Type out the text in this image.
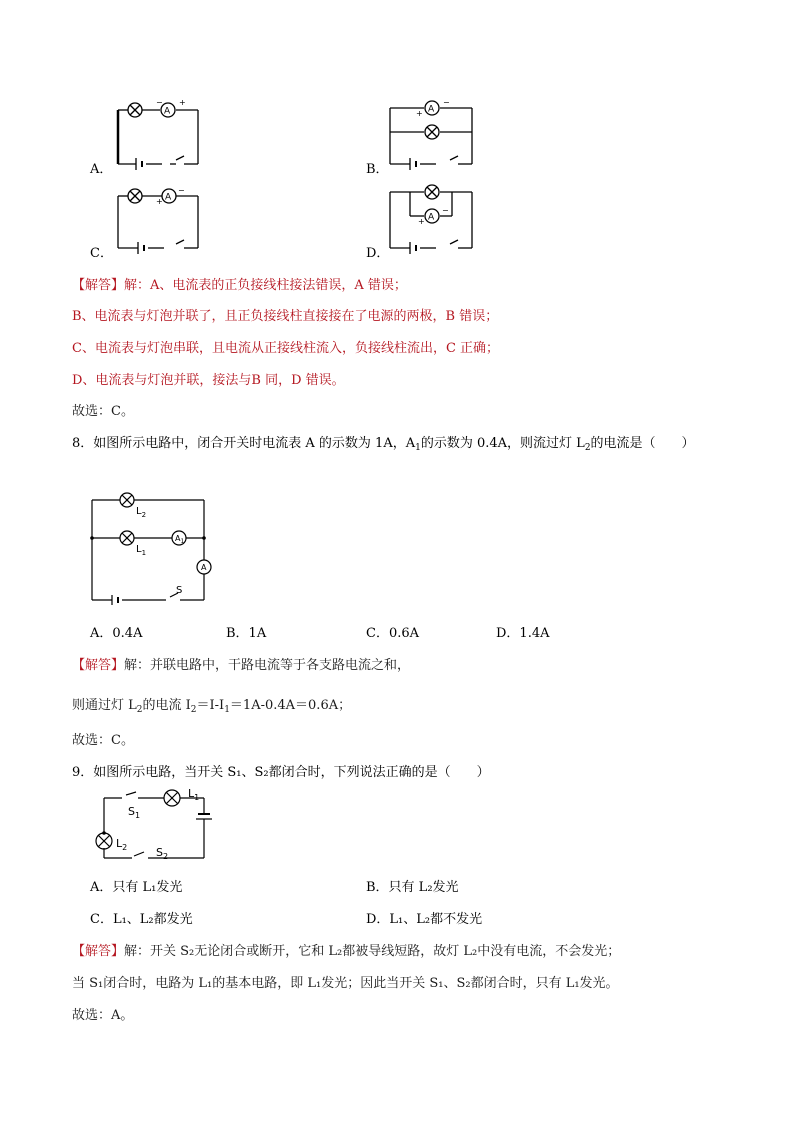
A．
A
− +
B．
A
+
−
C．
A
+
−
D．
A
+
−
【解答】解：A、电流表的正负接线柱接法错误，A 错误；
B、电流表与灯泡并联了，且正负接线柱直接接在了电源的两极，B 错误；
C、电流表与灯泡串联，且电流从正接线柱流入，负接线柱流出，C 正确；
D、电流表与灯泡并联，接法与B 同，D 错误。
故选：C。
8．如图所示电路中，闭合开关时电流表 A 的示数为 1A，$A_1$的示数为 0.4A，则流过灯 $L_2$的电流是（　　）
$L_2$
$L_1$
$A_1$
A
S
A．0.4A	B．1A	C．0.6A	D．1.4A
【解答】解：并联电路中，干路电流等于各支路电流之和，
则通过灯 $L_2$的电流 $I_2=I-I_1=1A-0.4A=0.6A$；
故选：C。
9．如图所示电路，当开关 S₁、S₂都闭合时，下列说法正确的是（　　）
$L_1$
$S_1$
$L_2$	$S_2$
A．只有 L₁发光	B．只有 L₂发光
C．L₁、L₂都发光	D．L₁、L₂都不发光
【解答】解：开关 S₂无论闭合或断开，它和 L₂都被导线短路，故灯 L₂中没有电流，不会发光；
当 S₁闭合时，电路为 L₁的基本电路，即 L₁发光；因此当开关 S₁、S₂都闭合时，只有 L₁发光。
故选：A。
